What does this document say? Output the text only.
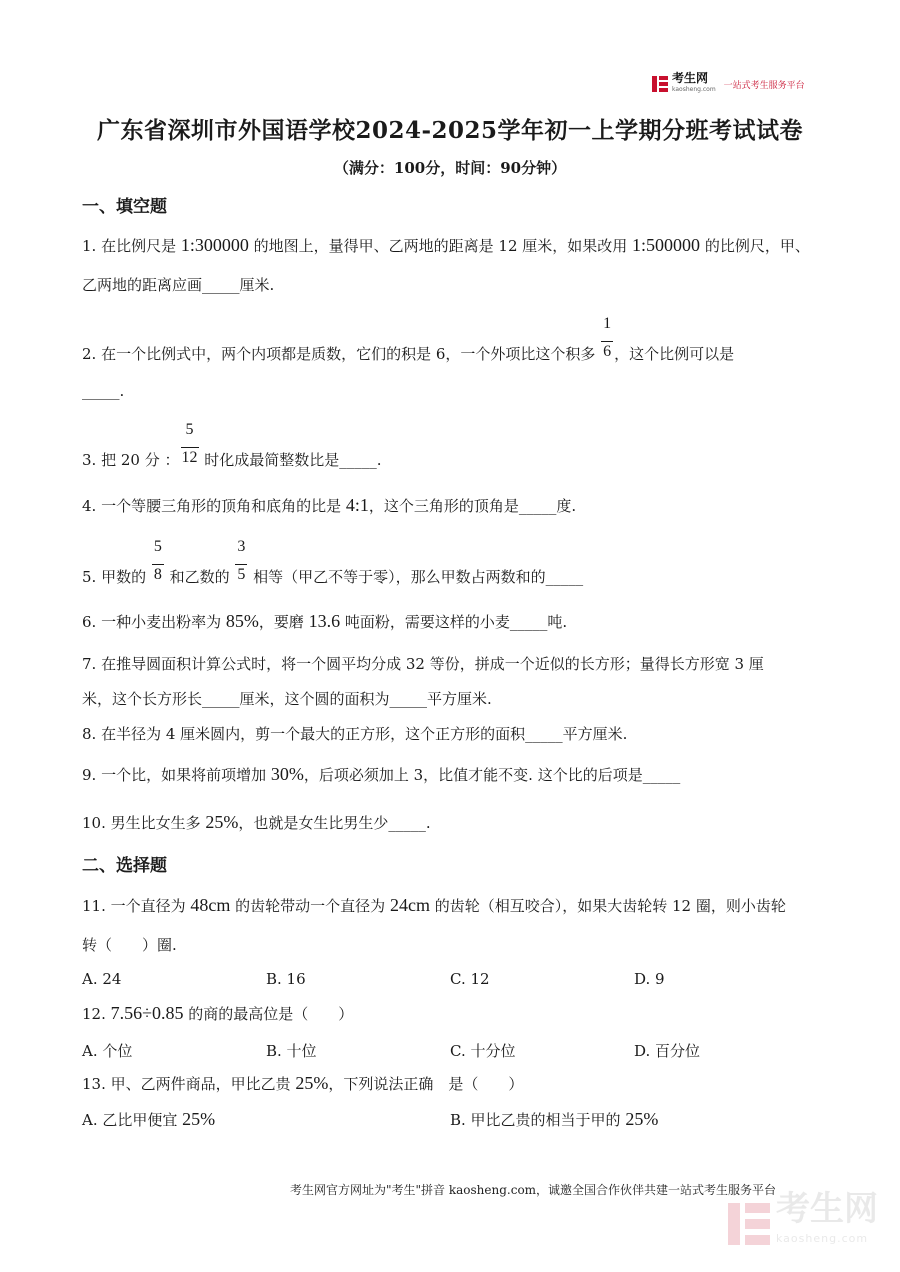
考生网
kaosheng.com 一站式考生服务平台
广东省深圳市外国语学校2024-2025学年初一上学期分班考试试卷
（满分：100分，时间：90分钟）
一、填空题
1. 在比例尺是 1:300000 的地图上，量得甲、乙两地的距离是 12 厘米，如果改用 1:500000 的比例尺，甲、
乙两地的距离应画_____厘米.
2. 在一个比例式中，两个内项都是质数，它们的积是 6，一个外项比这个积多 $\frac{1}{6}$ ，这个比例可以是
_____.
3. 把 20 分 ： $\frac{5}{12}$ 时化成最简整数比是_____.
4. 一个等腰三角形的顶角和底角的比是 4:1，这个三角形的顶角是_____度.
5. 甲数的 $\frac{5}{8}$ 和乙数的 $\frac{3}{5}$ 相等（甲乙不等于零），那么甲数占两数和的_____
6. 一种小麦出粉率为 85%，要磨 13.6 吨面粉，需要这样的小麦_____吨.
7. 在推导圆面积计算公式时，将一个圆平均分成 32 等份，拼成一个近似的长方形；量得长方形宽 3 厘
米，这个长方形长_____厘米，这个圆的面积为_____平方厘米.
8. 在半径为 4 厘米圆内，剪一个最大的正方形，这个正方形的面积_____平方厘米.
9. 一个比，如果将前项增加 30%，后项必须加上 3，比值才能不变. 这个比的后项是_____
10. 男生比女生多 25%，也就是女生比男生少_____.
二、选择题
11. 一个直径为 48cm 的齿轮带动一个直径为 24cm 的齿轮（相互咬合），如果大齿轮转 12 圈，则小齿轮
转（　　）圈.
A. 24	B. 16	C. 12	D. 9
12. 7.56÷0.85 的商的最高位是（　　）
A. 个位	B. 十位	C. 十分位	D. 百分位
13. 甲、乙两件商品，甲比乙贵 25%，下列说法正确　是（　　）
A. 乙比甲便宜 25%	B. 甲比乙贵的相当于甲的 25%
考生网官方网址为"考生"拼音 kaosheng.com，诚邀全国合作伙伴共建一站式考生服务平台 考生网
kaosheng.com
